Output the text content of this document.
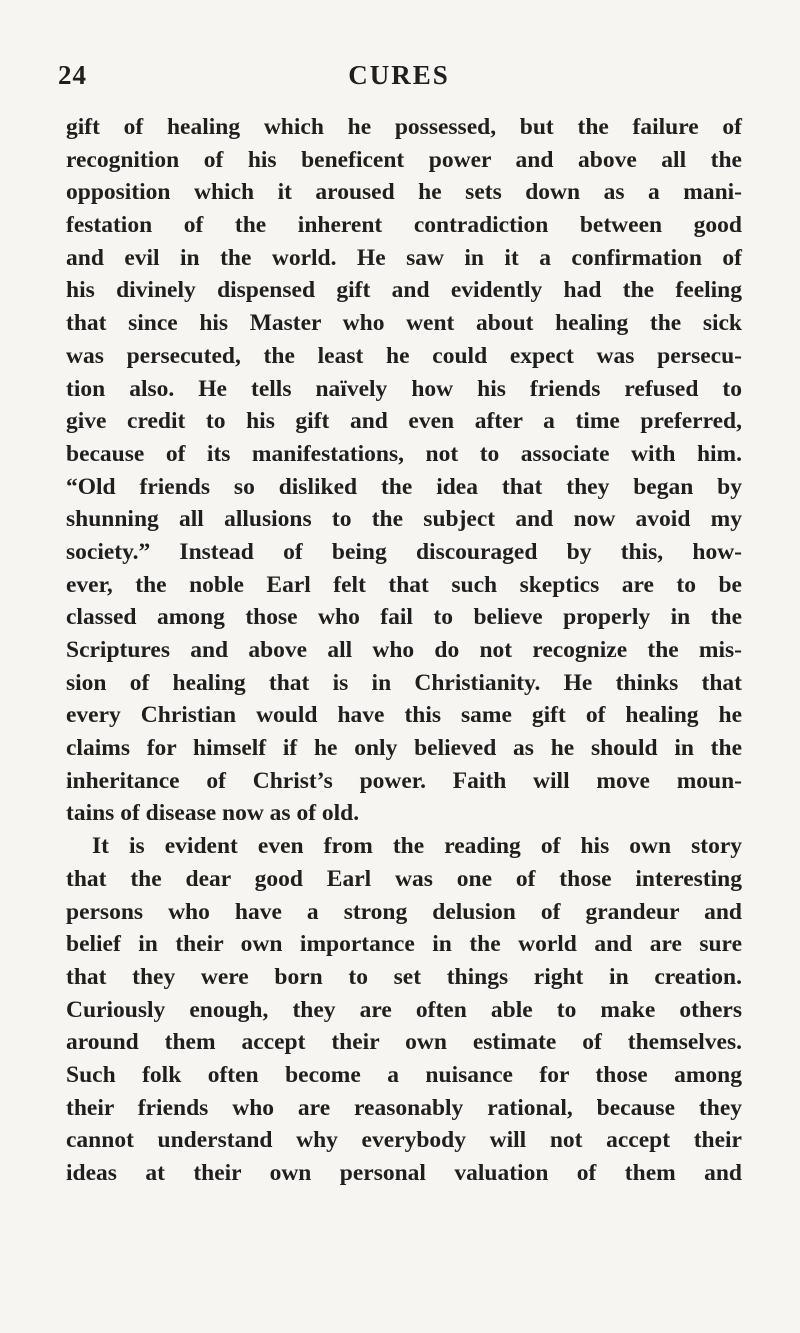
24	CURES
gift of healing which he possessed, but the failure of
recognition of his beneficent power and above all the
opposition which it aroused he sets down as a mani-
festation of the inherent contradiction between good
and evil in the world. He saw in it a confirmation of
his divinely dispensed gift and evidently had the feeling
that since his Master who went about healing the sick
was persecuted, the least he could expect was persecu-
tion also. He tells naïvely how his friends refused to
give credit to his gift and even after a time preferred,
because of its manifestations, not to associate with him.
“Old friends so disliked the idea that they began by
shunning all allusions to the subject and now avoid my
society.” Instead of being discouraged by this, how-
ever, the noble Earl felt that such skeptics are to be
classed among those who fail to believe properly in the
Scriptures and above all who do not recognize the mis-
sion of healing that is in Christianity. He thinks that
every Christian would have this same gift of healing he
claims for himself if he only believed as he should in the
inheritance of Christ’s power. Faith will move moun-
tains of disease now as of old.
It is evident even from the reading of his own story
that the dear good Earl was one of those interesting
persons who have a strong delusion of grandeur and
belief in their own importance in the world and are sure
that they were born to set things right in creation.
Curiously enough, they are often able to make others
around them accept their own estimate of themselves.
Such folk often become a nuisance for those among
their friends who are reasonably rational, because they
cannot understand why everybody will not accept their
ideas at their own personal valuation of them and
